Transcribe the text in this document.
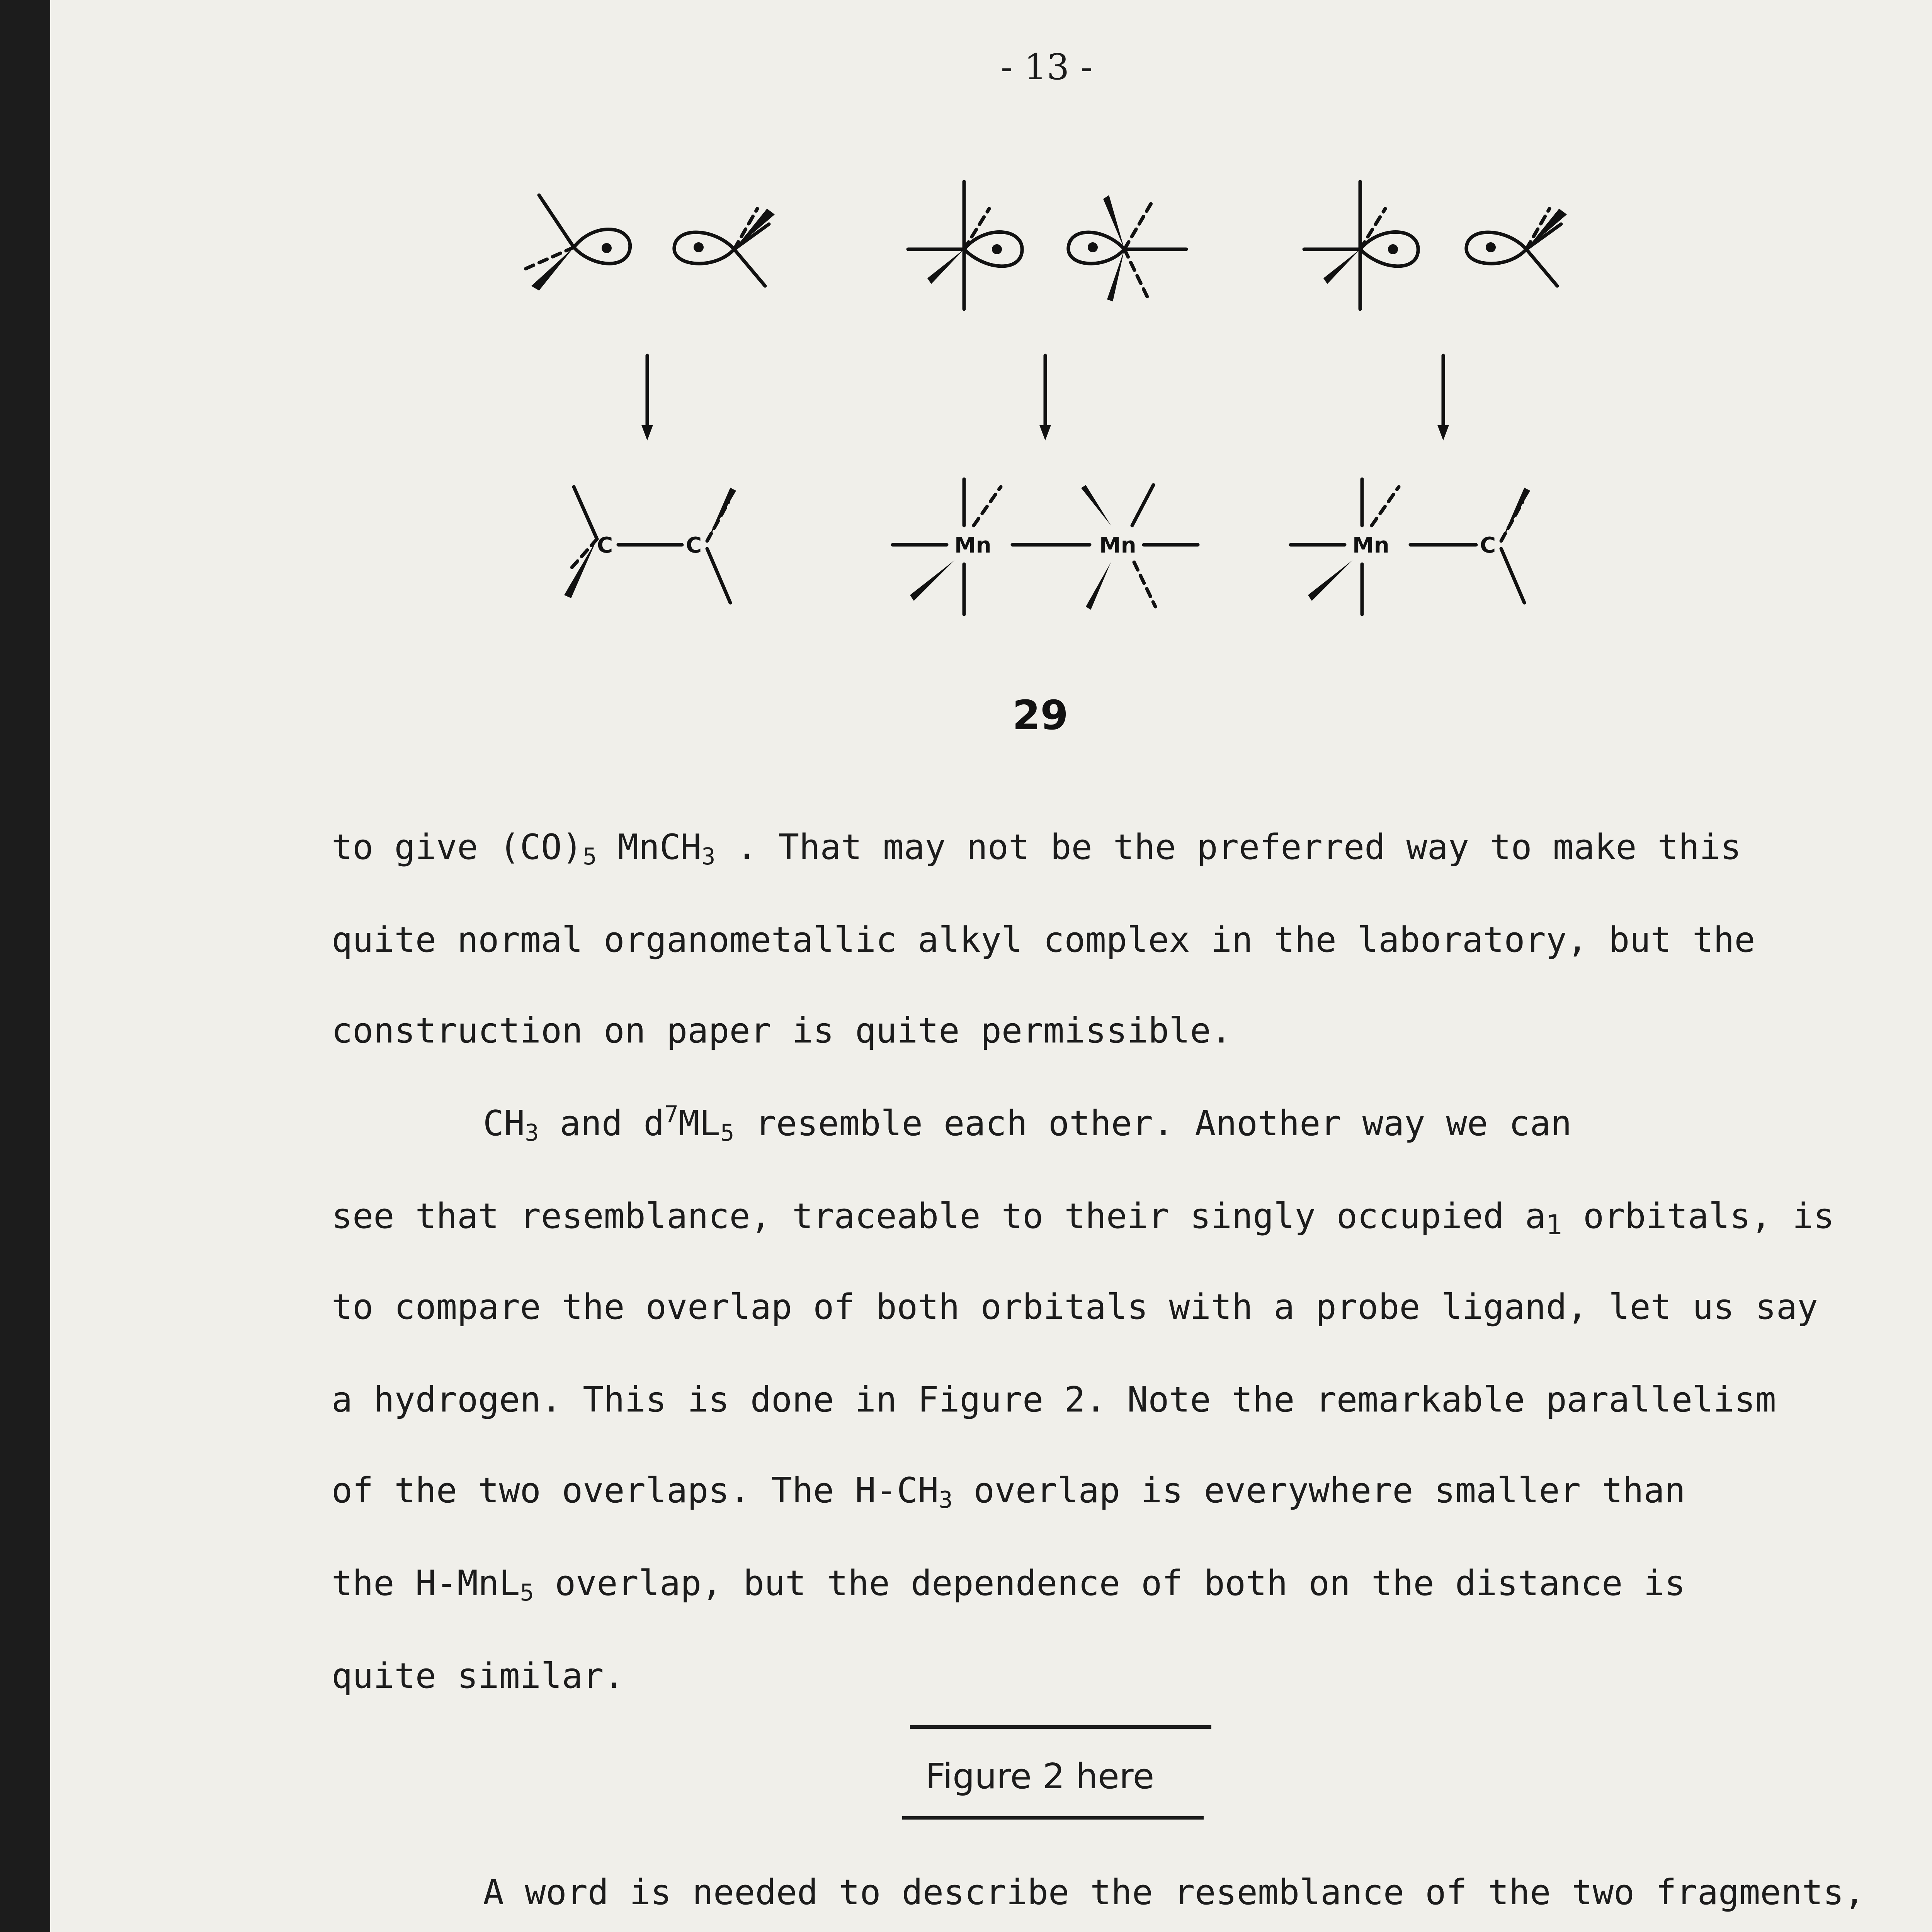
- 13 -
C	C	Mn	Mn	Mn	C
29
to give $(CO)_5$ MnCH$_3$ . That may not be the preferred way to make this
quite normal organometallic alkyl complex in the laboratory, but the
construction on paper is quite permissible.
$CH_3$ and $d^7ML_5$ resemble each other. Another way we can
see that resemblance, traceable to their singly occupied $a_1$ orbitals, is
to compare the overlap of both orbitals with a probe ligand, let us say
a hydrogen. This is done in Figure 2. Note the remarkable parallelism
of the two overlaps. The $H-CH_3$ overlap is everywhere smaller than
the H-MnL$_5$ overlap, but the dependence of both on the distance is
quite similar.
Figure 2 here
A word is needed to describe the resemblance of the two fragments,
